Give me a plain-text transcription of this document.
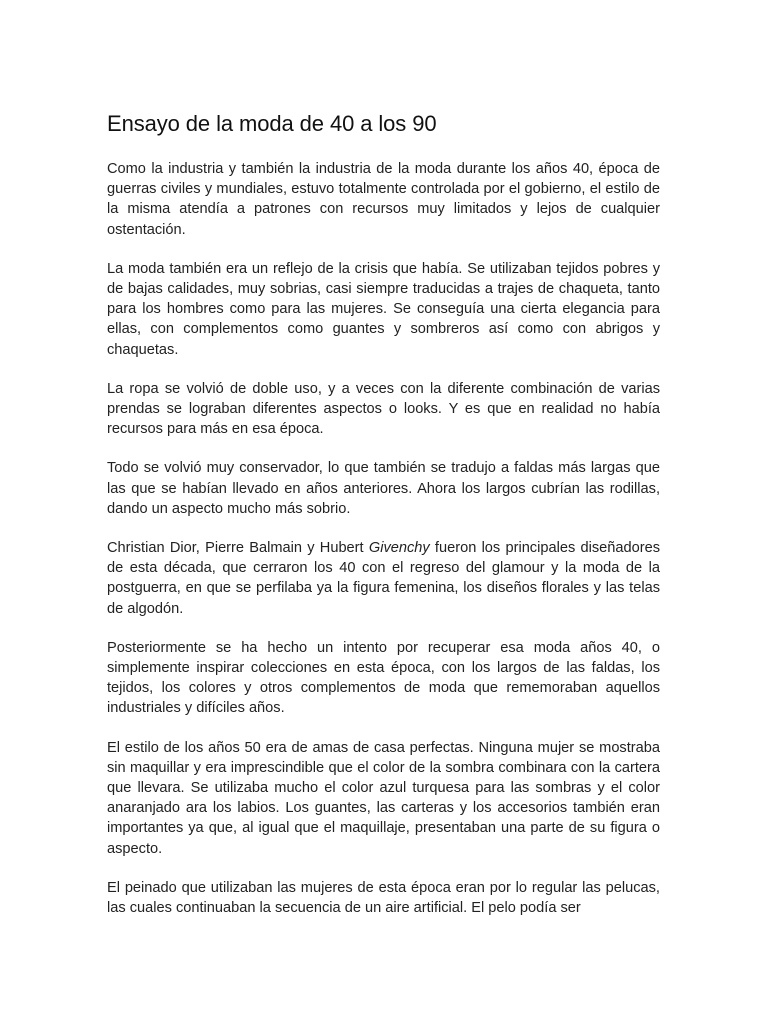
Ensayo de la moda de 40 a los 90

Como la industria y también la industria de la moda durante los años 40, época de guerras civiles y mundiales, estuvo totalmente controlada por el gobierno, el estilo de la misma atendía a patrones con recursos muy limitados y lejos de cualquier ostentación.

La moda también era un reflejo de la crisis que había. Se utilizaban tejidos pobres y de bajas calidades, muy sobrias, casi siempre traducidas a trajes de chaqueta, tanto para los hombres como para las mujeres. Se conseguía una cierta elegancia para ellas, con complementos como guantes y sombreros así como con abrigos y chaquetas.

La ropa se volvió de doble uso, y a veces con la diferente combinación de varias prendas se lograban diferentes aspectos o looks. Y es que en realidad no había recursos para más en esa época.

Todo se volvió muy conservador, lo que también se tradujo a faldas más largas que las que se habían llevado en años anteriores. Ahora los largos cubrían las rodillas, dando un aspecto mucho más sobrio.

Christian Dior, Pierre Balmain y Hubert Givenchy fueron los principales diseñadores de esta década, que cerraron los 40 con el regreso del glamour y la moda de la postguerra, en que se perfilaba ya la figura femenina, los diseños florales y las telas de algodón.

Posteriormente se ha hecho un intento por recuperar esa moda años 40, o simplemente inspirar colecciones en esta época, con los largos de las faldas, los tejidos, los colores y otros complementos de moda que rememoraban aquellos industriales y difíciles años.

El estilo de los años 50 era de amas de casa perfectas. Ninguna mujer se mostraba sin maquillar y era imprescindible que el color de la sombra combinara con la cartera que llevara. Se utilizaba mucho el color azul turquesa para las sombras y el color anaranjado ara los labios. Los guantes, las carteras y los accesorios también eran importantes ya que, al igual que el maquillaje, presentaban una parte de su figura o aspecto.

El peinado que utilizaban las mujeres de esta época eran por lo regular las pelucas, las cuales continuaban la secuencia de un aire artificial. El pelo podía ser
